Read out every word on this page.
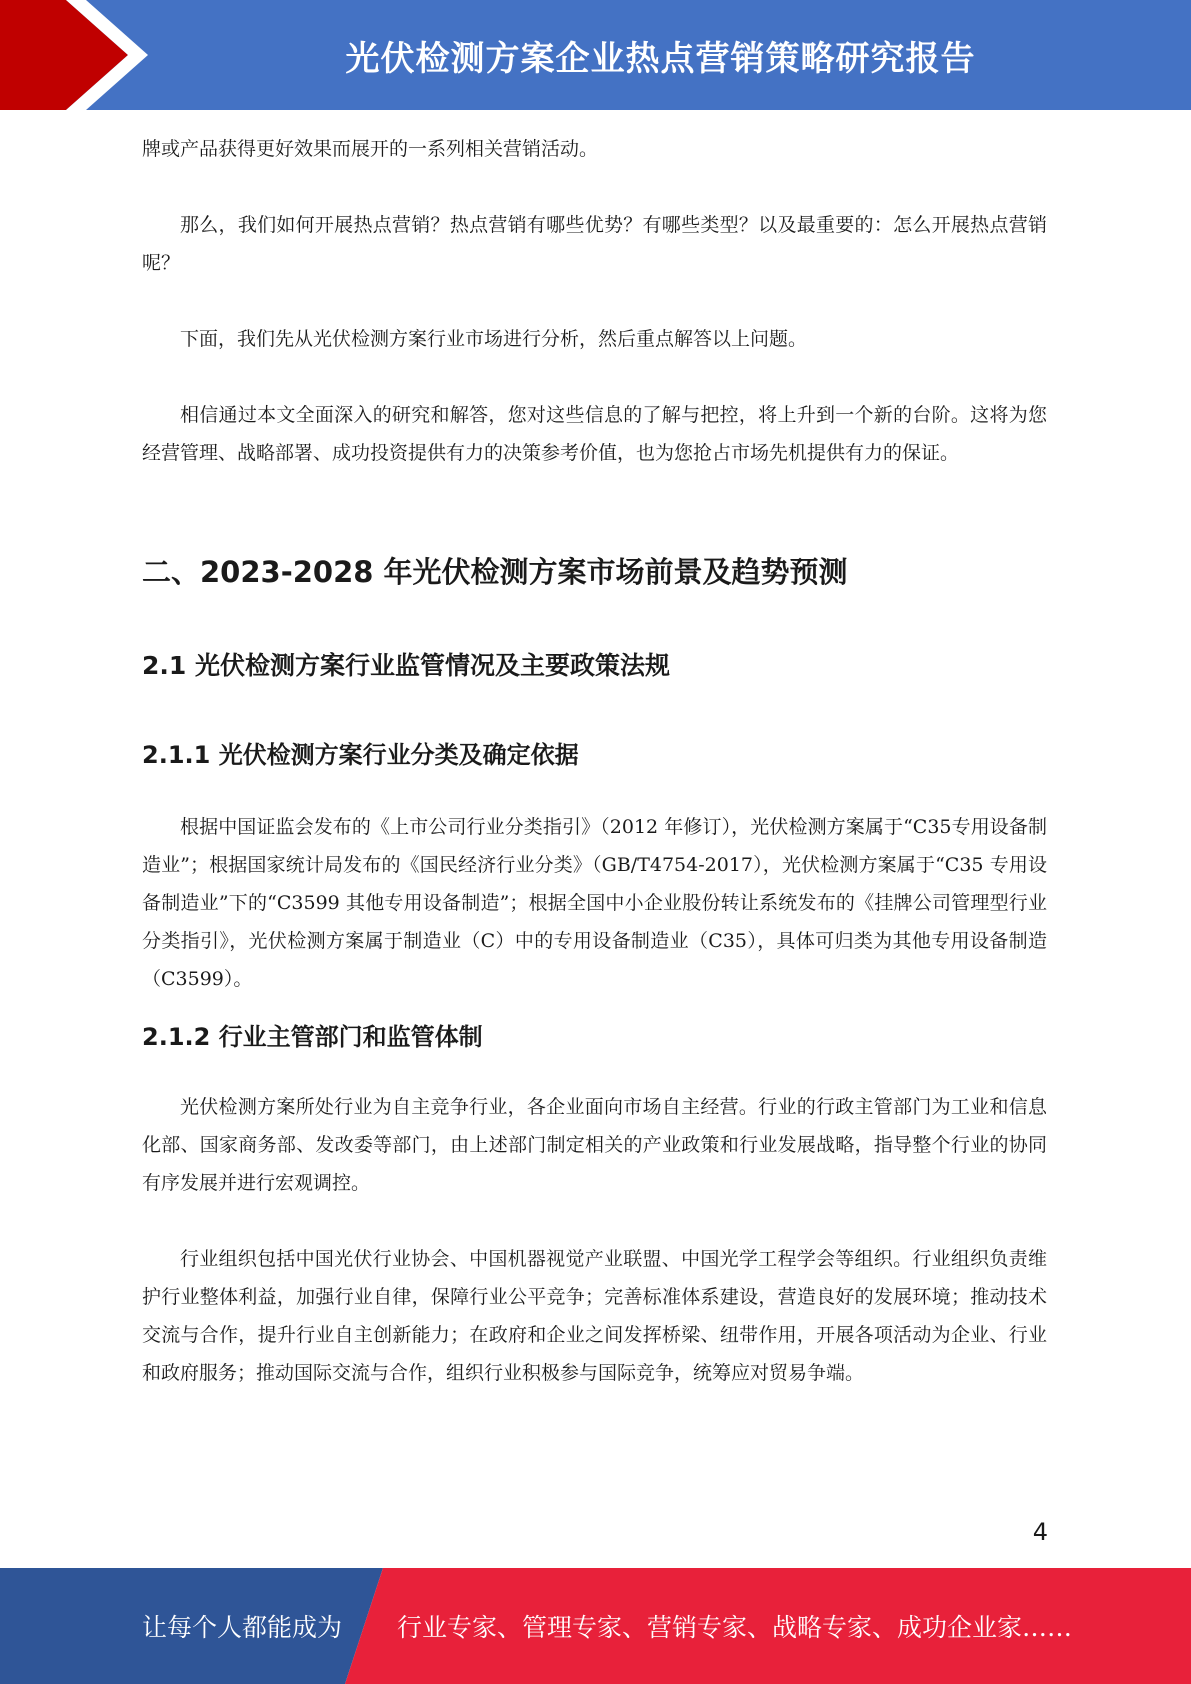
光伏检测方案企业热点营销策略研究报告

牌或产品获得更好效果而展开的一系列相关营销活动。

那么，我们如何开展热点营销？热点营销有哪些优势？有哪些类型？以及最重要的：怎么开展热点营销呢？

下面，我们先从光伏检测方案行业市场进行分析，然后重点解答以上问题。

相信通过本文全面深入的研究和解答，您对这些信息的了解与把控，将上升到一个新的台阶。这将为您经营管理、战略部署、成功投资提供有力的决策参考价值，也为您抢占市场先机提供有力的保证。

二、2023-2028 年光伏检测方案市场前景及趋势预测
2.1 光伏检测方案行业监管情况及主要政策法规
2.1.1 光伏检测方案行业分类及确定依据

根据中国证监会发布的《上市公司行业分类指引》（2012 年修订），光伏检测方案属于“C35专用设备制造业”；根据国家统计局发布的《国民经济行业分类》（GB/T4754-2017），光伏检测方案属于“C35 专用设备制造业”下的“C3599 其他专用设备制造”；根据全国中小企业股份转让系统发布的《挂牌公司管理型行业分类指引》，光伏检测方案属于制造业（C）中的专用设备制造业（C35），具体可归类为其他专用设备制造（C3599）。

2.1.2 行业主管部门和监管体制

光伏检测方案所处行业为自主竞争行业，各企业面向市场自主经营。行业的行政主管部门为工业和信息化部、国家商务部、发改委等部门，由上述部门制定相关的产业政策和行业发展战略，指导整个行业的协同有序发展并进行宏观调控。

行业组织包括中国光伏行业协会、中国机器视觉产业联盟、中国光学工程学会等组织。行业组织负责维护行业整体利益，加强行业自律，保障行业公平竞争；完善标准体系建设，营造良好的发展环境；推动技术交流与合作，提升行业自主创新能力；在政府和企业之间发挥桥梁、纽带作用，开展各项活动为企业、行业和政府服务；推动国际交流与合作，组织行业积极参与国际竞争，统筹应对贸易争端。

4
让每个人都能成为 行业专家、管理专家、营销专家、战略专家、成功企业家……
